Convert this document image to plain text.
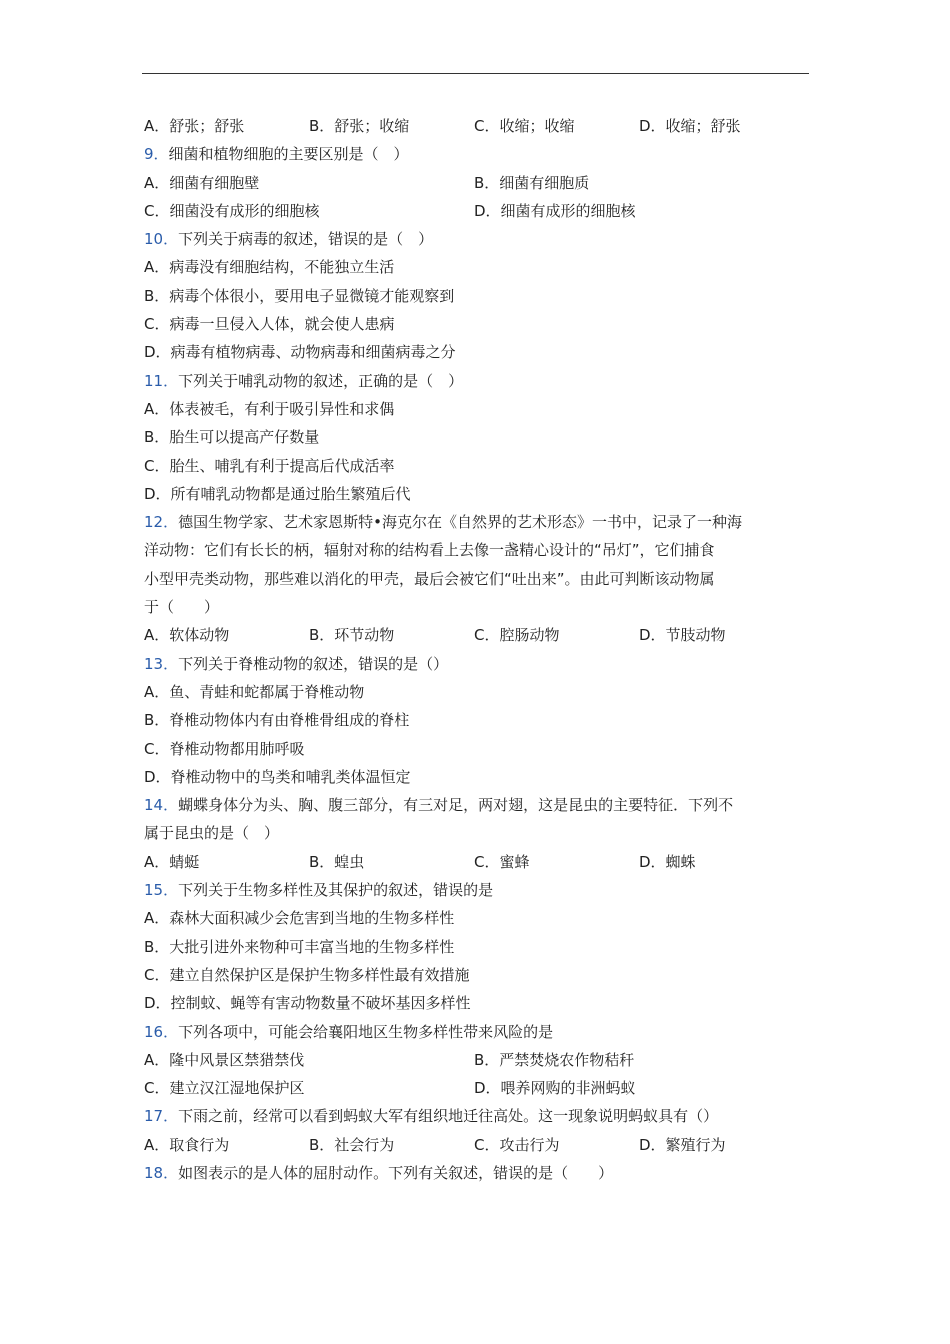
A．舒张；舒张	B．舒张；收缩	C．收缩；收缩	D．收缩；舒张
9．细菌和植物细胞的主要区别是（　）
A．细菌有细胞壁	B．细菌有细胞质
C．细菌没有成形的细胞核	D．细菌有成形的细胞核
10．下列关于病毒的叙述，错误的是（　）
A．病毒没有细胞结构，不能独立生活
B．病毒个体很小，要用电子显微镜才能观察到
C．病毒一旦侵入人体，就会使人患病
D．病毒有植物病毒、动物病毒和细菌病毒之分
11．下列关于哺乳动物的叙述，正确的是（　）
A．体表被毛，有利于吸引异性和求偶
B．胎生可以提高产仔数量
C．胎生、哺乳有利于提高后代成活率
D．所有哺乳动物都是通过胎生繁殖后代
12．德国生物学家、艺术家恩斯特•海克尔在《自然界的艺术形态》一书中，记录了一种海
洋动物：它们有长长的柄，辐射对称的结构看上去像一盏精心设计的“吊灯”，它们捕食
小型甲壳类动物，那些难以消化的甲壳，最后会被它们“吐出来”。由此可判断该动物属
于（　　）
A．软体动物	B．环节动物	C．腔肠动物	D．节肢动物
13．下列关于脊椎动物的叙述，错误的是（）
A．鱼、青蛙和蛇都属于脊椎动物
B．脊椎动物体内有由脊椎骨组成的脊柱
C．脊椎动物都用肺呼吸
D．脊椎动物中的鸟类和哺乳类体温恒定
14．蝴蝶身体分为头、胸、腹三部分，有三对足，两对翅，这是昆虫的主要特征．下列不
属于昆虫的是（　）
A．蜻蜓	B．蝗虫	C．蜜蜂	D．蜘蛛
15．下列关于生物多样性及其保护的叙述，错误的是
A．森林大面积减少会危害到当地的生物多样性
B．大批引进外来物种可丰富当地的生物多样性
C．建立自然保护区是保护生物多样性最有效措施
D．控制蚊、蝇等有害动物数量不破坏基因多样性
16．下列各项中，可能会给襄阳地区生物多样性带来风险的是
A．隆中风景区禁猎禁伐	B．严禁焚烧农作物秸秆
C．建立汉江湿地保护区	D．喂养网购的非洲蚂蚁
17．下雨之前，经常可以看到蚂蚁大军有组织地迁往高处。这一现象说明蚂蚁具有（）
A．取食行为	B．社会行为	C．攻击行为	D．繁殖行为
18．如图表示的是人体的屈肘动作。下列有关叙述，错误的是（　　）
